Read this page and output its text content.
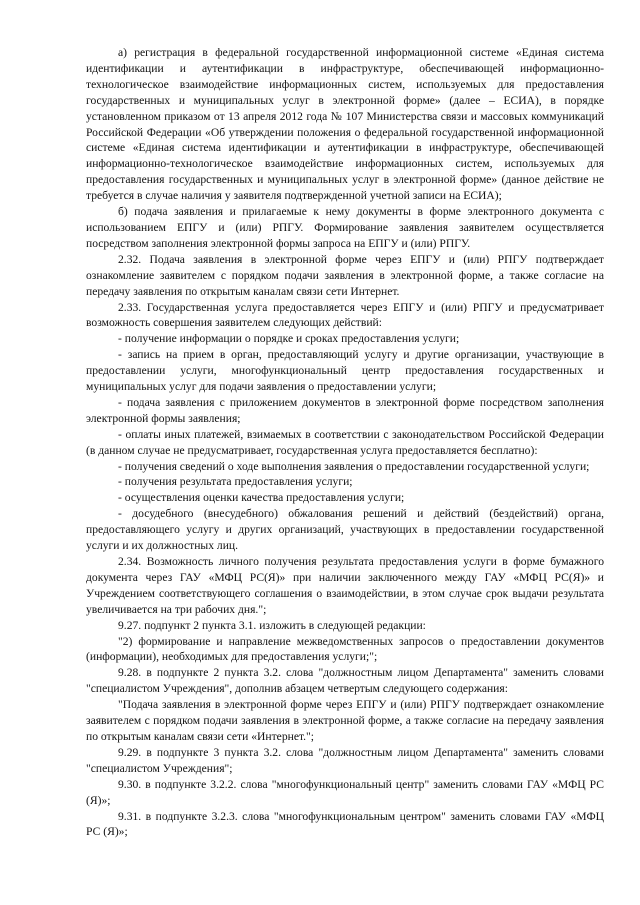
а) регистрация в федеральной государственной информационной системе «Единая система идентификации и аутентификации в инфраструктуре, обеспечивающей информационно-технологическое взаимодействие информационных систем, используемых для предоставления государственных и муниципальных услуг в электронной форме» (далее – ЕСИА), в порядке установленном приказом от 13 апреля 2012 года № 107 Министерства связи и массовых коммуникаций Российской Федерации «Об утверждении положения о федеральной государственной информационной системе «Единая система идентификации и аутентификации в инфраструктуре, обеспечивающей информационно-технологическое взаимодействие информационных систем, используемых для предоставления государственных и муниципальных услуг в электронной форме» (данное действие не требуется в случае наличия у заявителя подтвержденной учетной записи на ЕСИА);

б) подача заявления и прилагаемые к нему документы в форме электронного документа с использованием ЕПГУ и (или) РПГУ. Формирование заявления заявителем осуществляется посредством заполнения электронной формы запроса на ЕПГУ и (или) РПГУ.

2.32. Подача заявления в электронной форме через ЕПГУ и (или) РПГУ подтверждает ознакомление заявителем с порядком подачи заявления в электронной форме, а также согласие на передачу заявления по открытым каналам связи сети Интернет.

2.33. Государственная услуга предоставляется через ЕПГУ и (или) РПГУ и предусматривает возможность совершения заявителем следующих действий:

- получение информации о порядке и сроках предоставления услуги;

- запись на прием в орган, предоставляющий услугу и другие организации, участвующие в предоставлении услуги, многофункциональный центр предоставления государственных и муниципальных услуг для подачи заявления о предоставлении услуги;

- подача заявления с приложением документов в электронной форме посредством заполнения электронной формы заявления;

- оплаты иных платежей, взимаемых в соответствии с законодательством Российской Федерации (в данном случае не предусматривает, государственная услуга предоставляется бесплатно):

- получения сведений о ходе выполнения заявления о предоставлении государственной услуги;

- получения результата предоставления услуги;

- осуществления оценки качества предоставления услуги;

- досудебного (внесудебного) обжалования решений и действий (бездействий) органа, предоставляющего услугу и других организаций, участвующих в предоставлении государственной услуги и их должностных лиц.

2.34. Возможность личного получения результата предоставления услуги в форме бумажного документа через ГАУ «МФЦ РС(Я)» при наличии заключенного между ГАУ «МФЦ РС(Я)» и Учреждением соответствующего соглашения о взаимодействии, в этом случае срок выдачи результата увеличивается на три рабочих дня.";

9.27. подпункт 2 пункта 3.1. изложить в следующей редакции:

"2) формирование и направление межведомственных запросов о предоставлении документов (информации), необходимых для предоставления услуги;";

9.28. в подпункте 2 пункта 3.2. слова "должностным лицом Департамента" заменить словами "специалистом Учреждения", дополнив абзацем четвертым следующего содержания:

"Подача заявления в электронной форме через ЕПГУ и (или) РПГУ подтверждает ознакомление заявителем с порядком подачи заявления в электронной форме, а также согласие на передачу заявления по открытым каналам связи сети «Интернет.";

9.29. в подпункте 3 пункта 3.2. слова "должностным лицом Департамента" заменить словами "специалистом Учреждения";

9.30. в подпункте 3.2.2. слова "многофункциональный центр" заменить словами ГАУ «МФЦ РС (Я)»;

9.31. в подпункте 3.2.3. слова "многофункциональным центром" заменить словами ГАУ «МФЦ РС (Я)»;
